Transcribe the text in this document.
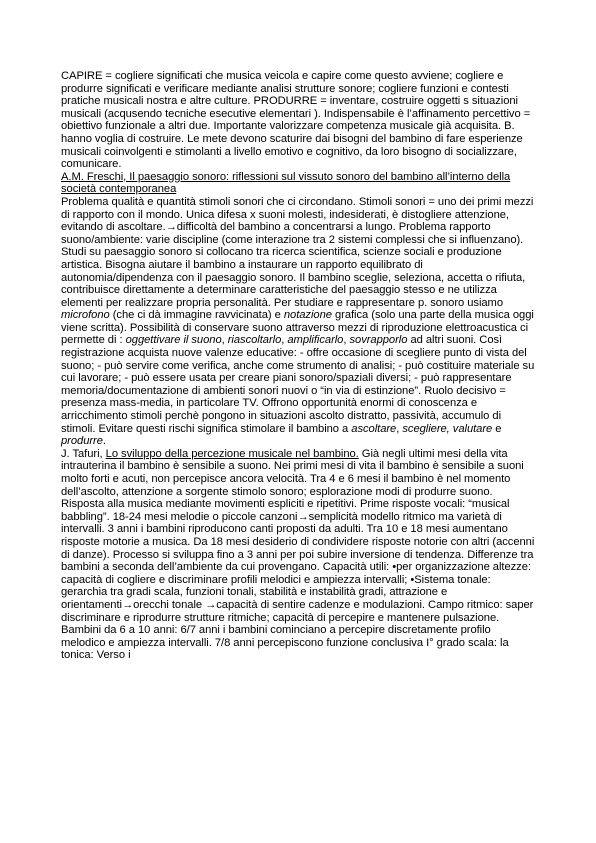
CAPIRE = cogliere significati che musica veicola e capire come questo avviene; cogliere e produrre significati e verificare mediante analisi strutture sonore; cogliere funzioni e contesti pratiche musicali nostra e altre culture. PRODURRE = inventare, costruire oggetti s situazioni musicali (acqusendo tecniche esecutive elementari ). Indispensabile è l’affinamento percettivo = obiettivo funzionale a altri due. Importante valorizzare competenza musicale già acquisita. B. hanno voglia di costruire. Le mete devono scaturire dai bisogni del bambino di fare esperienze musicali coinvolgenti e stimolanti a livello emotivo e cognitivo, da loro bisogno di socializzare, comunicare.

A.M. Freschi, Il paesaggio sonoro: riflessioni sul vissuto sonoro del bambino all’interno della società contemporanea

Problema qualità e quantità stimoli sonori che ci circondano. Stimoli sonori = uno dei primi mezzi di rapporto con il mondo. Unica difesa x suoni molesti, indesiderati, è distogliere attenzione, evitando di ascoltare.→difficoltà del bambino a concentrarsi a lungo. Problema rapporto suono/ambiente: varie discipline (come interazione tra 2 sistemi complessi che si influenzano). Studi su paesaggio sonoro si collocano tra ricerca scientifica, scienze sociali e produzione artistica. Bisogna aiutare il bambino a instaurare un rapporto equilibrato di autonomia/dipendenza con il paesaggio sonoro. Il bambino sceglie, seleziona, accetta o rifiuta, contribuisce direttamente a determinare caratteristiche del paesaggio stesso e ne utilizza elementi per realizzare propria personalità. Per studiare e rappresentare p. sonoro usiamo microfono (che ci dà immagine ravvicinata) e notazione grafica (solo una parte della musica oggi viene scritta). Possibilità di conservare suono attraverso mezzi di riproduzione elettroacustica ci permette di : oggettivare il suono, riascoltarlo, amplificarlo, sovrapporlo ad altri suoni. Così registrazione acquista nuove valenze educative: - offre occasione di scegliere punto di vista del suono; - può servire come verifica, anche come strumento di analisi; - può costituire materiale su cui lavorare; - può essere usata per creare piani sonoro/spaziali diversi; - può rappresentare memoria/documentazione di ambienti sonori nuovi o “in via di estinzione”. Ruolo decisivo = presenza mass-media, in particolare TV. Offrono opportunità enormi di conoscenza e arricchimento stimoli perchè pongono in situazioni ascolto distratto, passività, accumulo di stimoli. Evitare questi rischi significa stimolare il bambino a ascoltare, scegliere, valutare e produrre.

J. Tafuri, Lo sviluppo della percezione musicale nel bambino. Già negli ultimi mesi della vita intrauterina il bambino è sensibile a suono. Nei primi mesi di vita il bambino è sensibile a suoni molto forti e acuti, non percepisce ancora velocità. Tra 4 e 6 mesi il bambino è nel momento dell’ascolto, attenzione a sorgente stimolo sonoro; esplorazione modi di produrre suono. Risposta alla musica mediante movimenti espliciti e ripetitivi. Prime risposte vocali: “musical babbling”. 18-24 mesi melodie o piccole canzoni→semplicità modello ritmico ma varietà di intervalli. 3 anni i bambini riproducono canti proposti da adulti. Tra 10 e 18 mesi aumentano risposte motorie a musica. Da 18 mesi desiderio di condividere risposte notorie con altri (accenni di danze). Processo si sviluppa fino a 3 anni per poi subire inversione di tendenza. Differenze tra bambini a seconda dell’ambiente da cui provengano. Capacità utili: •per organizzazione altezze: capacità di cogliere e discriminare profili melodici e ampiezza intervalli; •Sistema tonale: gerarchia tra gradi scala, funzioni tonali, stabilità e instabilità gradi, attrazione e orientamenti→orecchi tonale →capacità di sentire cadenze e modulazioni. Campo ritmico: saper discriminare e riprodurre strutture ritmiche; capacità di percepire e mantenere pulsazione. Bambini da 6 a 10 anni: 6/7 anni i bambini cominciano a percepire discretamente profilo melodico e ampiezza intervalli. 7/8 anni percepiscono funzione conclusiva I° grado scala: la tonica: Verso i
